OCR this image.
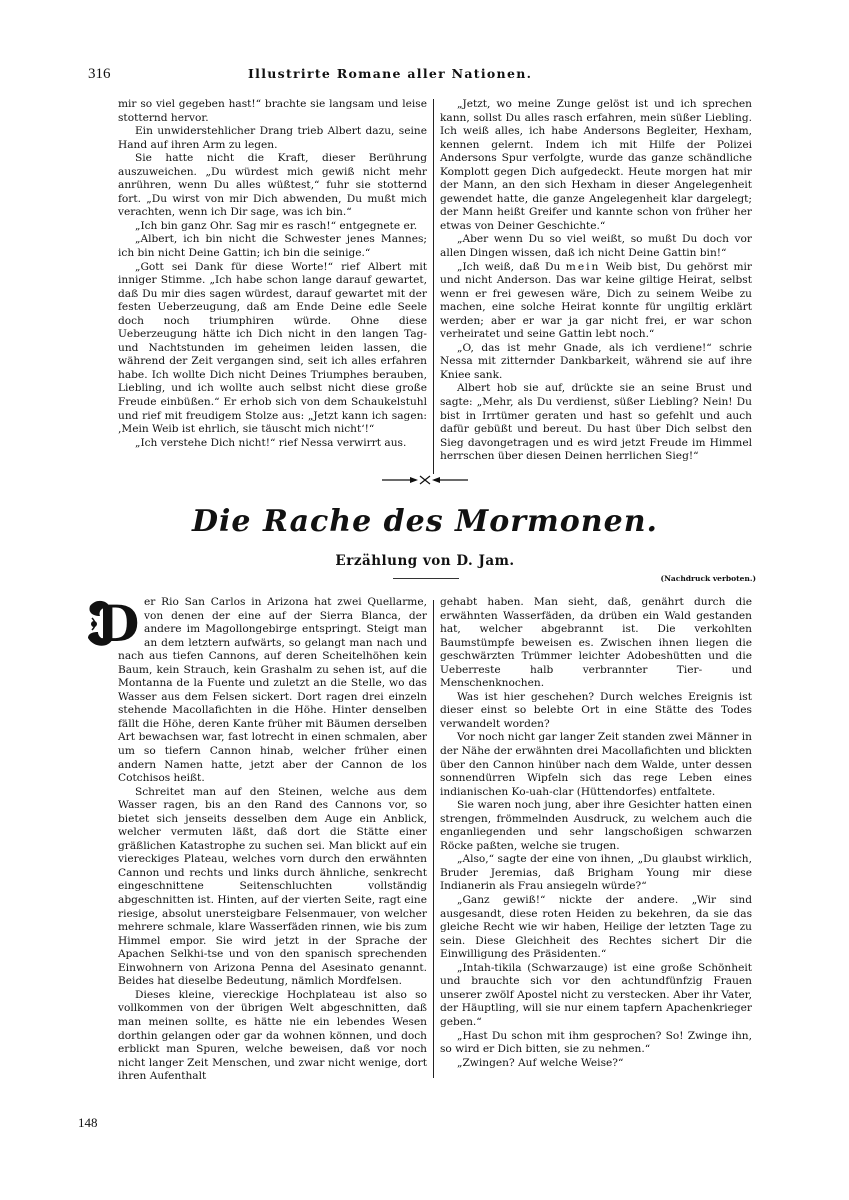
316	Illustrirte Romane aller Nationen.

mir so viel gegeben hast!“ brachte sie langsam und leise stotternd hervor.

Ein unwiderstehlicher Drang trieb Albert dazu, seine Hand auf ihren Arm zu legen.

Sie hatte nicht die Kraft, dieser Berührung auszuweichen. „Du würdest mich gewiß nicht mehr anrühren, wenn Du alles wüßtest,“ fuhr sie stotternd fort. „Du wirst von mir Dich abwenden, Du mußt mich verachten, wenn ich Dir sage, was ich bin.“

„Ich bin ganz Ohr. Sag mir es rasch!“ entgegnete er.

„Albert, ich bin nicht die Schwester jenes Mannes; ich bin nicht Deine Gattin; ich bin die seinige.“

„Gott sei Dank für diese Worte!“ rief Albert mit inniger Stimme. „Ich habe schon lange darauf gewartet, daß Du mir dies sagen würdest, darauf gewartet mit der festen Ueberzeugung, daß am Ende Deine edle Seele doch noch triumphiren würde. Ohne diese Ueberzeugung hätte ich Dich nicht in den langen Tag- und Nachtstunden im geheimen leiden lassen, die während der Zeit vergangen sind, seit ich alles erfahren habe. Ich wollte Dich nicht Deines Triumphes berauben, Liebling, und ich wollte auch selbst nicht diese große Freude einbüßen.“ Er erhob sich von dem Schaukelstuhl und rief mit freudigem Stolze aus: „Jetzt kann ich sagen: ‚Mein Weib ist ehrlich, sie täuscht mich nicht‘!“

„Ich verstehe Dich nicht!“ rief Nessa verwirrt aus.

„Jetzt, wo meine Zunge gelöst ist und ich sprechen kann, sollst Du alles rasch erfahren, mein süßer Liebling. Ich weiß alles, ich habe Andersons Begleiter, Hexham, kennen gelernt. Indem ich mit Hilfe der Polizei Andersons Spur verfolgte, wurde das ganze schändliche Komplott gegen Dich aufgedeckt. Heute morgen hat mir der Mann, an den sich Hexham in dieser Angelegenheit gewendet hatte, die ganze Angelegenheit klar dargelegt; der Mann heißt Greifer und kannte schon von früher her etwas von Deiner Geschichte.“

„Aber wenn Du so viel weißt, so mußt Du doch vor allen Dingen wissen, daß ich nicht Deine Gattin bin!“

„Ich weiß, daß Du mein Weib bist, Du gehörst mir und nicht Anderson. Das war keine giltige Heirat, selbst wenn er frei gewesen wäre, Dich zu seinem Weibe zu machen, eine solche Heirat konnte für ungiltig erklärt werden; aber er war ja gar nicht frei, er war schon verheiratet und seine Gattin lebt noch.“

„O, das ist mehr Gnade, als ich verdiene!“ schrie Nessa mit zitternder Dankbarkeit, während sie auf ihre Kniee sank.

Albert hob sie auf, drückte sie an seine Brust und sagte: „Mehr, als Du verdienst, süßer Liebling? Nein! Du bist in Irrtümer geraten und hast so gefehlt und auch dafür gebüßt und bereut. Du hast über Dich selbst den Sieg davongetragen und es wird jetzt Freude im Himmel herrschen über diesen Deinen herrlichen Sieg!“

Die Rache des Mormonen.
Erzählung von D. Jam.
(Nachdruck verboten.)

D er Rio San Carlos in Arizona hat zwei Quellarme, von denen der eine auf der Sierra Blanca, der andere im Magollongebirge entspringt. Steigt man an dem letztern aufwärts, so gelangt man nach und nach aus tiefen Cannons, auf deren Scheitelhöhen kein Baum, kein Strauch, kein Grashalm zu sehen ist, auf die Montanna de la Fuente und zuletzt an die Stelle, wo das Wasser aus dem Felsen sickert. Dort ragen drei einzeln stehende Macollafichten in die Höhe. Hinter denselben fällt die Höhe, deren Kante früher mit Bäumen derselben Art bewachsen war, fast lotrecht in einen schmalen, aber um so tiefern Cannon hinab, welcher früher einen andern Namen hatte, jetzt aber der Cannon de los Cotchisos heißt.

Schreitet man auf den Steinen, welche aus dem Wasser ragen, bis an den Rand des Cannons vor, so bietet sich jenseits desselben dem Auge ein Anblick, welcher vermuten läßt, daß dort die Stätte einer gräßlichen Katastrophe zu suchen sei. Man blickt auf ein viereckiges Plateau, welches vorn durch den erwähnten Cannon und rechts und links durch ähnliche, senkrecht eingeschnittene Seitenschluchten vollständig abgeschnitten ist. Hinten, auf der vierten Seite, ragt eine riesige, absolut unersteigbare Felsenmauer, von welcher mehrere schmale, klare Wasserfäden rinnen, wie bis zum Himmel empor. Sie wird jetzt in der Sprache der Apachen Selkhi-tse und von den spanisch sprechenden Einwohnern von Arizona Penna del Asesinato genannt. Beides hat dieselbe Bedeutung, nämlich Mordfelsen.

Dieses kleine, viereckige Hochplateau ist also so vollkommen von der übrigen Welt abgeschnitten, daß man meinen sollte, es hätte nie ein lebendes Wesen dorthin gelangen oder gar da wohnen können, und doch erblickt man Spuren, welche beweisen, daß vor noch nicht langer Zeit Menschen, und zwar nicht wenige, dort ihren Aufenthalt

gehabt haben. Man sieht, daß, genährt durch die erwähnten Wasserfäden, da drüben ein Wald gestanden hat, welcher abgebrannt ist. Die verkohlten Baumstümpfe beweisen es. Zwischen ihnen liegen die geschwärzten Trümmer leichter Adobeshütten und die Ueberreste halb verbrannter Tier- und Menschenknochen.

Was ist hier geschehen? Durch welches Ereignis ist dieser einst so belebte Ort in eine Stätte des Todes verwandelt worden?

Vor noch nicht gar langer Zeit standen zwei Männer in der Nähe der erwähnten drei Macollafichten und blickten über den Cannon hinüber nach dem Walde, unter dessen sonnendürren Wipfeln sich das rege Leben eines indianischen Ko-uah-clar (Hüttendorfes) entfaltete.

Sie waren noch jung, aber ihre Gesichter hatten einen strengen, frömmelnden Ausdruck, zu welchem auch die enganliegenden und sehr langschoßigen schwarzen Röcke paßten, welche sie trugen.

„Also,“ sagte der eine von ihnen, „Du glaubst wirklich, Bruder Jeremias, daß Brigham Young mir diese Indianerin als Frau ansiegeln würde?“

„Ganz gewiß!“ nickte der andere. „Wir sind ausgesandt, diese roten Heiden zu bekehren, da sie das gleiche Recht wie wir haben, Heilige der letzten Tage zu sein. Diese Gleichheit des Rechtes sichert Dir die Einwilligung des Präsidenten.“

„Intah-tikila (Schwarzauge) ist eine große Schönheit und brauchte sich vor den achtundfünfzig Frauen unserer zwölf Apostel nicht zu verstecken. Aber ihr Vater, der Häuptling, will sie nur einem tapfern Apachenkrieger geben.“

„Hast Du schon mit ihm gesprochen? So! Zwinge ihn, so wird er Dich bitten, sie zu nehmen.“

„Zwingen? Auf welche Weise?“

148
